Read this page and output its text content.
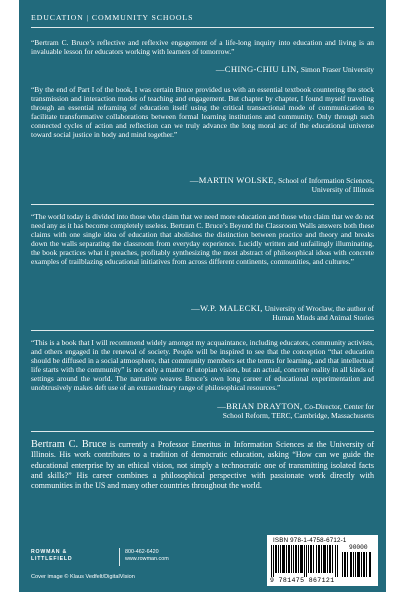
EDUCATION | COMMUNITY SCHOOLS
“Bertram C. Bruce’s reflective and reflexive engagement of a life-long inquiry into education and living is an invaluable lesson for educators working with learners of tomorrow.”
—CHING-CHIU LIN, Simon Fraser University
“By the end of Part I of the book, I was certain Bruce provided us with an essential textbook countering the stock transmission and interaction modes of teaching and engagement. But chapter by chapter, I found myself traveling through an essential reframing of education itself using the critical transactional mode of communication to facilitate transformative collaborations between formal learning institutions and community. Only through such connected cycles of action and reflection can we truly advance the long moral arc of the educational universe toward social justice in body and mind together.”
—MARTIN WOLSKE, School of Information Sciences,
University of Illinois
“The world today is divided into those who claim that we need more education and those who claim that we do not need any as it has become completely useless. Bertram C. Bruce’s Beyond the Classroom Walls answers both these claims with one single idea of education that abolishes the distinction between practice and theory and breaks down the walls separating the classroom from everyday experience. Lucidly written and unfailingly illuminating, the book practices what it preaches, profitably synthesizing the most abstract of philosophical ideas with concrete examples of trailblazing educational initiatives from across different continents, communities, and cultures.”
—W.P. MALECKI, University of Wroclaw, the author of
Human Minds and Animal Stories
“This is a book that I will recommend widely amongst my acquaintance, including educators, community activists, and others engaged in the renewal of society. People will be inspired to see that the conception “that education should be diffused in a social atmosphere, that community members set the terms for learning, and that intellectual life starts with the community” is not only a matter of utopian vision, but an actual, concrete reality in all kinds of settings around the world. The narrative weaves Bruce’s own long career of educational experimentation and unobtrusively makes deft use of an extraordinary range of philosophical resources.”
—BRIAN DRAYTON, Co-Director, Center for
School Reform, TERC, Cambridge, Massachusetts
Bertram C. Bruce is currently a Professor Emeritus in Information Sciences at the University of Illinois. His work contributes to a tradition of democratic education, asking “How can we guide the educational enterprise by an ethical vision, not simply a technocratic one of transmitting isolated facts and skills?” His career combines a philosophical perspective with passionate work directly with communities in the US and many other countries throughout the world.
ROWMAN &
LITTLEFIELD
800-462-6420
www.rowman.com
Cover image © Klaus Vedfelt/DigitalVision
ISBN 978-1-4758-6712-1
90000
9 781475 867121
